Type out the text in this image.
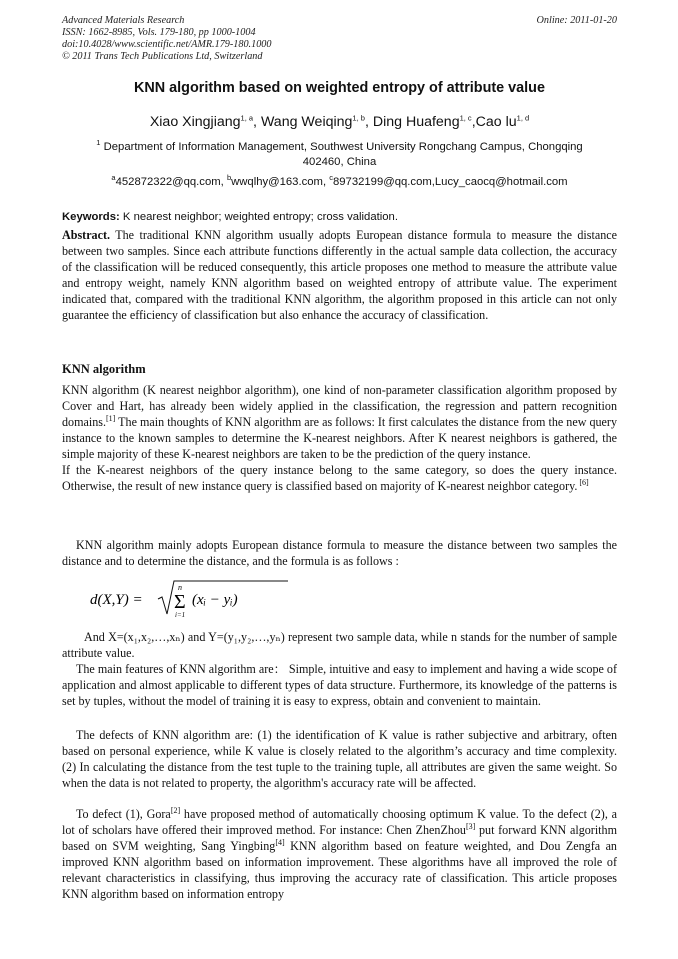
Advanced Materials Research
ISSN: 1662-8985, Vols. 179-180, pp 1000-1004
doi:10.4028/www.scientific.net/AMR.179-180.1000
© 2011 Trans Tech Publications Ltd, Switzerland
Online: 2011-01-20
KNN algorithm based on weighted entropy of attribute value
Xiao Xingjiang$^{1, a}$, Wang Weiqing$^{1, b}$, Ding Huafeng$^{1, c}$,Cao lu$^{1, d}$
$^1$ Department of Information Management, Southwest University Rongchang Campus, Chongqing
402460, China
$^a$452872322@qq.com, $^b$wwqlhy@163.com, $^c$89732199@qq.com,Lucy_caocq@hotmail.com
Keywords: K nearest neighbor; weighted entropy; cross validation.
Abstract. The traditional KNN algorithm usually adopts European distance formula to measure the distance between two samples. Since each attribute functions differently in the actual sample data collection, the accuracy of the classification will be reduced consequently, this article proposes one method to measure the attribute value and entropy weight, namely KNN algorithm based on weighted entropy of attribute value. The experiment indicated that, compared with the traditional KNN algorithm, the algorithm proposed in this article can not only guarantee the efficiency of classification but also enhance the accuracy of classification.
KNN algorithm
KNN algorithm (K nearest neighbor algorithm), one kind of non-parameter classification algorithm proposed by Cover and Hart, has already been widely applied in the classification, the regression and pattern recognition domains.[1] The main thoughts of KNN algorithm are as follows: It first calculates the distance from the new query instance to the known samples to determine the K-nearest neighbors. After K nearest neighbors is gathered, the simple majority of these K-nearest neighbors are taken to be the prediction of the query instance.
If the K-nearest neighbors of the query instance belong to the same category, so does the query instance. Otherwise, the result of new instance query is classified based on majority of K-nearest neighbor category. [6]
KNN algorithm mainly adopts European distance formula to measure the distance between two samples the distance and to determine the distance, and the formula is as follows :
d(X,Y) =
n
Σ
i=1
(xᵢ − yᵢ)
And X=(x₁,x₂,…,xₙ) and Y=(y₁,y₂,…,yₙ) represent two sample data, while n stands for the number of sample attribute value.
The main features of KNN algorithm are： Simple, intuitive and easy to implement and having a wide scope of application and almost applicable to different types of data structure. Furthermore, its knowledge of the patterns is set by tuples, without the model of training it is easy to express, obtain and convenient to maintain.
The defects of KNN algorithm are: (1) the identification of K value is rather subjective and arbitrary, often based on personal experience, while K value is closely related to the algorithm’s accuracy and time complexity. (2) In calculating the distance from the test tuple to the training tuple, all attributes are given the same weight. So when the data is not related to property, the algorithm's accuracy rate will be affected.
To defect (1), Gora[2] have proposed method of automatically choosing optimum K value. To the defect (2), a lot of scholars have offered their improved method. For instance: Chen ZhenZhou[3] put forward KNN algorithm based on SVM weighting, Sang Yingbing[4] KNN algorithm based on feature weighted, and Dou Zengfa an improved KNN algorithm based on information improvement. These algorithms have all improved the role of relevant characteristics in classifying, thus improving the accuracy rate of classification. This article proposes KNN algorithm based on information entropy
